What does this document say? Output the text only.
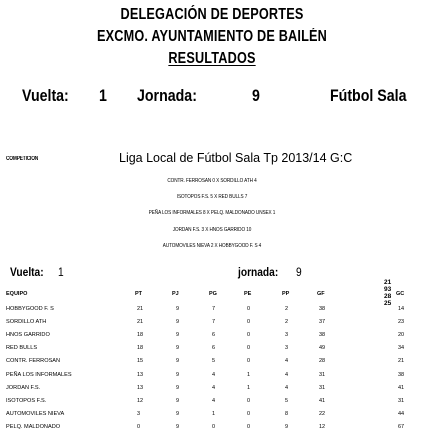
DELEGACIÓN DE DEPORTES
EXCMO. AYUNTAMIENTO DE BAILÉN
RESULTADOS
Vuelta: 1 Jornada:	9	Fútbol Sala
COMPETICION	Liga Local de Fútbol Sala Tp 2013/14 G:C
CONTR. FERROSAN 0 X SORDILLO ATH 4
ISOTOPOS F.S. 5 X RED BULLS 7
PEÑA LOS INFORMALES 8 X PELQ. MALDONADO UNSEX 1
JORDAN F.S. 3 X HNOS GARRIDO 10
AUTOMOVILES NIEVA 2 X HOBBYGOOD F. S 4
Vuelta: 1	jornada: 9
21932825
EQUIPO	PT	PJ	PG	PE	PP	GF	GC
HOBBYGOOD F. S	21	9	7	0	2	38	14
SORDILLO ATH	21	9	7	0	2	37	23
HNOS GARRIDO	18	9	6	0	3	38	20
RED BULLS	18	9	6	0	3	49	34
CONTR. FERROSAN	15	9	5	0	4	28	21
PEÑA LOS INFORMALES	13	9	4	1	4	31	38
JORDAN F.S.	13	9	4	1	4	31	41
ISOTOPOS F.S.	12	9	4	0	5	41	31
AUTOMOVILES NIEVA	3	9	1	0	8	22	44
PELQ. MALDONADO	0	9	0	0	9	12	67
